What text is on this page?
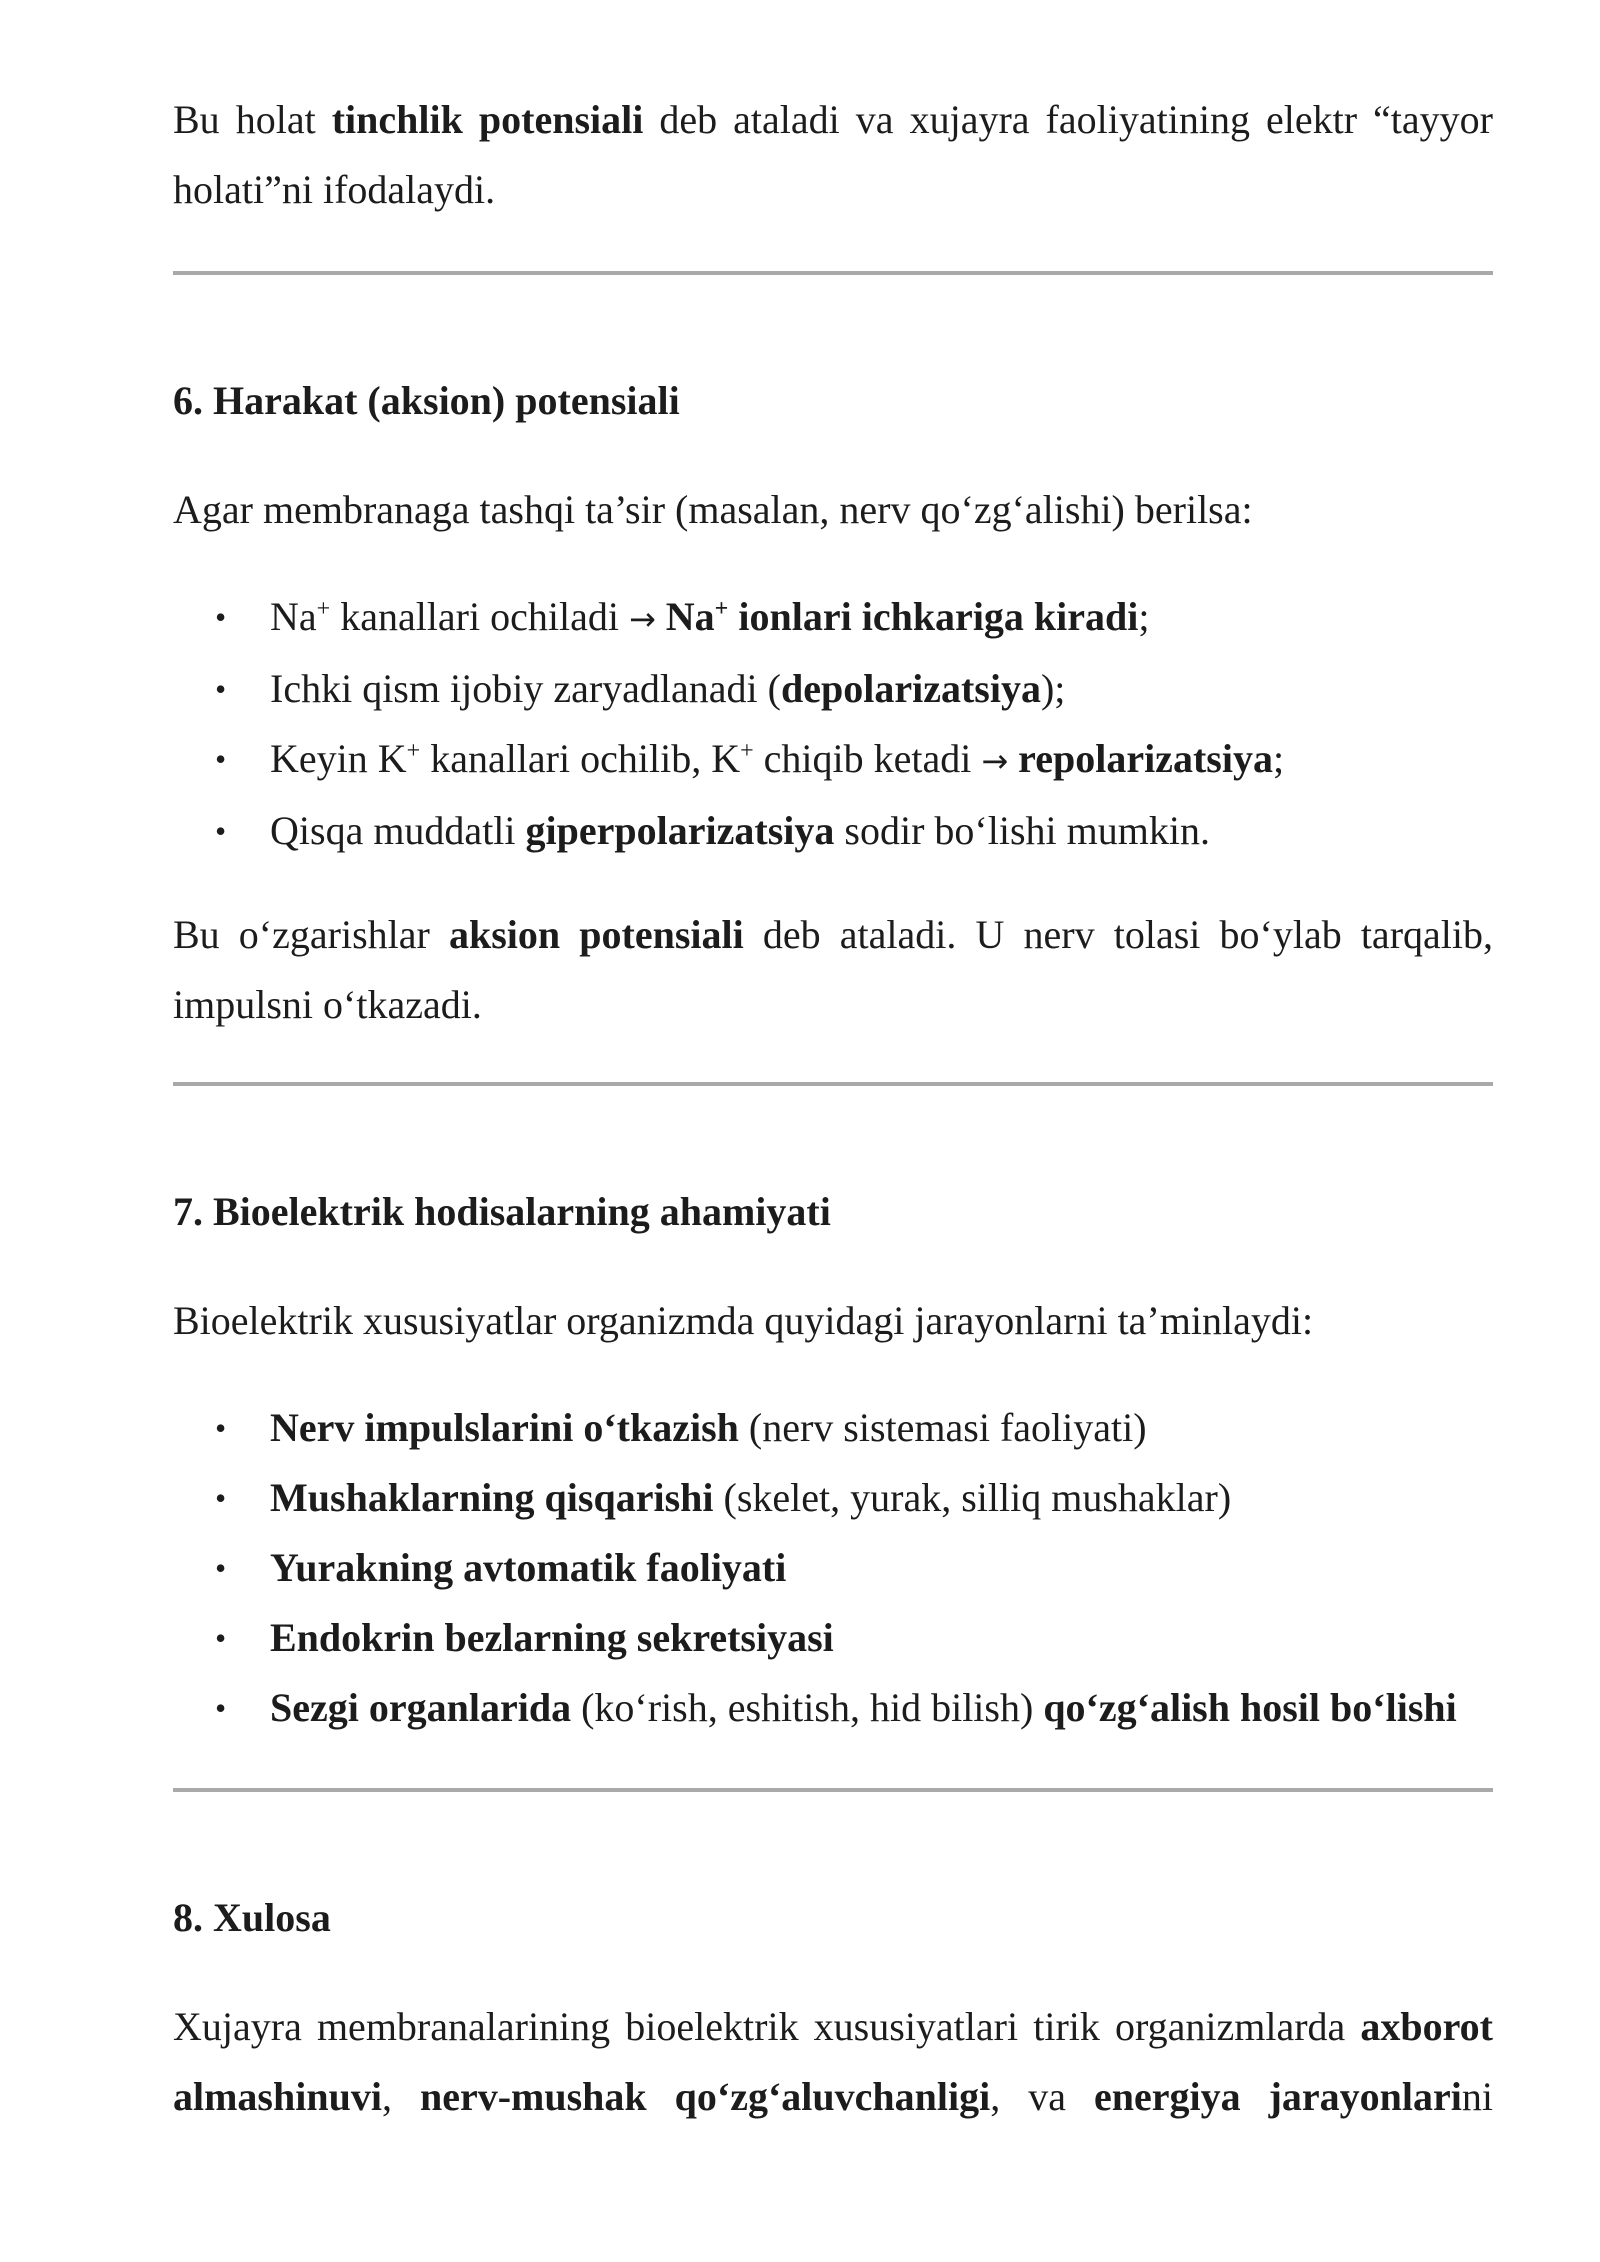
Bu holat tinchlik potensiali deb ataladi va xujayra faoliyatining elektr “tayyor holati”ni ifodalaydi.

6. Harakat (aksion) potensiali

Agar membranaga tashqi ta’sir (masalan, nerv qo‘zg‘alishi) berilsa:

• Na+ kanallari ochiladi → Na+ ionlari ichkariga kiradi;
• Ichki qism ijobiy zaryadlanadi (depolarizatsiya);
• Keyin K+ kanallari ochilib, K+ chiqib ketadi → repolarizatsiya;
• Qisqa muddatli giperpolarizatsiya sodir bo‘lishi mumkin.

Bu o‘zgarishlar aksion potensiali deb ataladi. U nerv tolasi bo‘ylab tarqalib, impulsni o‘tkazadi.

7. Bioelektrik hodisalarning ahamiyati

Bioelektrik xususiyatlar organizmda quyidagi jarayonlarni ta’minlaydi:

• Nerv impulslarini o‘tkazish (nerv sistemasi faoliyati)
• Mushaklarning qisqarishi (skelet, yurak, silliq mushaklar)
• Yurakning avtomatik faoliyati
• Endokrin bezlarning sekretsiyasi
• Sezgi organlarida (ko‘rish, eshitish, hid bilish) qo‘zg‘alish hosil bo‘lishi

8. Xulosa

Xujayra membranalarining bioelektrik xususiyatlari tirik organizmlarda axborot almashinuvi, nerv-mushak qo‘zg‘aluvchanligi, va energiya jarayonlarini
